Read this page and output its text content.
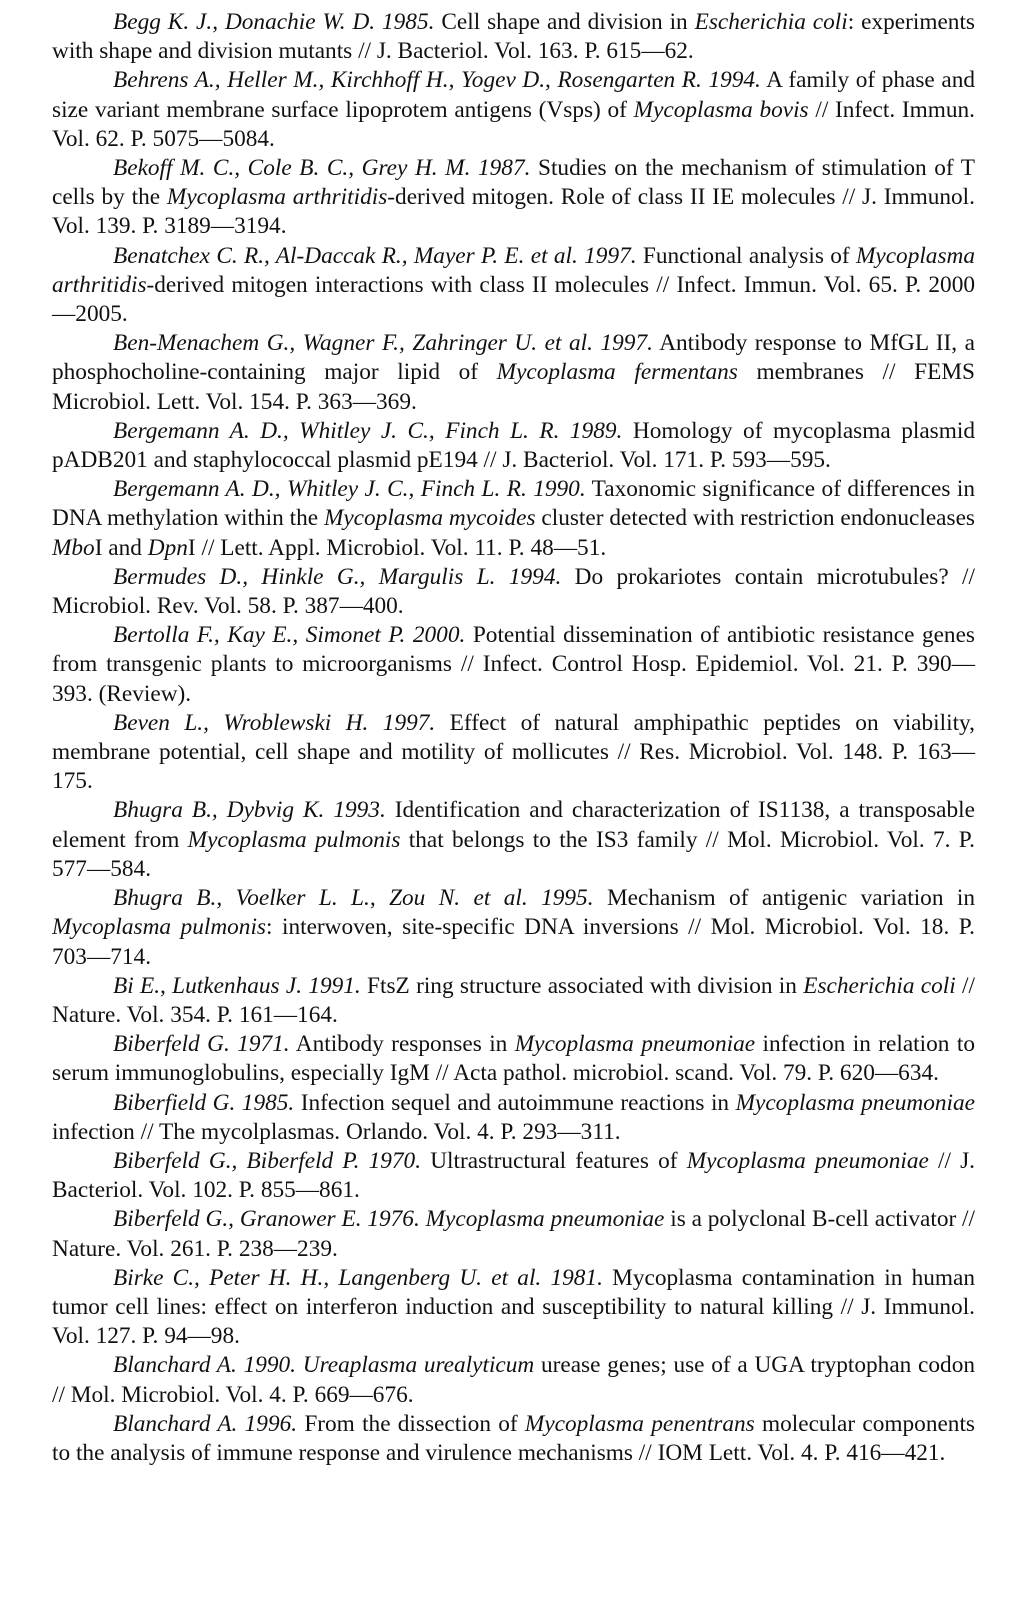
Begg K. J., Donachie W. D. 1985. Cell shape and division in Escherichia coli: experiments with shape and division mutants // J. Bacteriol. Vol. 163. P. 615—62.

Behrens A., Heller M., Kirchhoff H., Yogev D., Rosengarten R. 1994. A family of phase and size variant membrane surface lipoprotem antigens (Vsps) of Mycoplasma bovis // Infect. Immun. Vol. 62. P. 5075—5084.

Bekoff M. C., Cole B. C., Grey H. M. 1987. Studies on the mechanism of stimulation of T cells by the Mycoplasma arthritidis-derived mitogen. Role of class II IE molecules // J. Immunol. Vol. 139. P. 3189—3194.

Benatchex C. R., Al-Daccak R., Mayer P. E. et al. 1997. Functional analysis of Mycoplasma arthritidis-derived mitogen interactions with class II molecules // Infect. Immun. Vol. 65. P. 2000—2005.

Ben-Menachem G., Wagner F., Zahringer U. et al. 1997. Antibody response to MfGL II, a phosphocholine-containing major lipid of Mycoplasma fermentans membranes // FEMS Microbiol. Lett. Vol. 154. P. 363—369.

Bergemann A. D., Whitley J. C., Finch L. R. 1989. Homology of mycoplasma plasmid pADB201 and staphylococcal plasmid pE194 // J. Bacteriol. Vol. 171. P. 593—595.

Bergemann A. D., Whitley J. C., Finch L. R. 1990. Taxonomic significance of differences in DNA methylation within the Mycoplasma mycoides cluster detected with restriction endonucleases MboI and DpnI // Lett. Appl. Microbiol. Vol. 11. P. 48—51.

Bermudes D., Hinkle G., Margulis L. 1994. Do prokariotes contain microtubules? // Microbiol. Rev. Vol. 58. P. 387—400.

Bertolla F., Kay E., Simonet P. 2000. Potential dissemination of antibiotic resistance genes from transgenic plants to microorganisms // Infect. Control Hosp. Epidemiol. Vol. 21. P. 390—393. (Review).

Beven L., Wroblewski H. 1997. Effect of natural amphipathic peptides on viability, membrane potential, cell shape and motility of mollicutes // Res. Microbiol. Vol. 148. P. 163—175.

Bhugra B., Dybvig K. 1993. Identification and characterization of IS1138, a transposable element from Mycoplasma pulmonis that belongs to the IS3 family // Mol. Microbiol. Vol. 7. P. 577—584.

Bhugra B., Voelker L. L., Zou N. et al. 1995. Mechanism of antigenic variation in Mycoplasma pulmonis: interwoven, site-specific DNA inversions // Mol. Microbiol. Vol. 18. P. 703—714.

Bi E., Lutkenhaus J. 1991. FtsZ ring structure associated with division in Escherichia coli // Nature. Vol. 354. P. 161—164.

Biberfeld G. 1971. Antibody responses in Mycoplasma pneumoniae infection in relation to serum immunoglobulins, especially IgM // Acta pathol. microbiol. scand. Vol. 79. P. 620—634.

Biberfield G. 1985. Infection sequel and autoimmune reactions in Mycoplasma pneumoniae infection // The mycolplasmas. Orlando. Vol. 4. P. 293—311.

Biberfeld G., Biberfeld P. 1970. Ultrastructural features of Mycoplasma pneumoniae // J. Bacteriol. Vol. 102. P. 855—861.

Biberfeld G., Granower E. 1976. Mycoplasma pneumoniae is a polyclonal B-cell activator // Nature. Vol. 261. P. 238—239.

Birke C., Peter H. H., Langenberg U. et al. 1981. Mycoplasma contamination in human tumor cell lines: effect on interferon induction and susceptibility to natural killing // J. Immunol. Vol. 127. P. 94—98.

Blanchard A. 1990. Ureaplasma urealyticum urease genes; use of a UGA tryptophan codon // Mol. Microbiol. Vol. 4. P. 669—676.

Blanchard A. 1996. From the dissection of Mycoplasma penentrans molecular components to the analysis of immune response and virulence mechanisms // IOM Lett. Vol. 4. P. 416—421.
